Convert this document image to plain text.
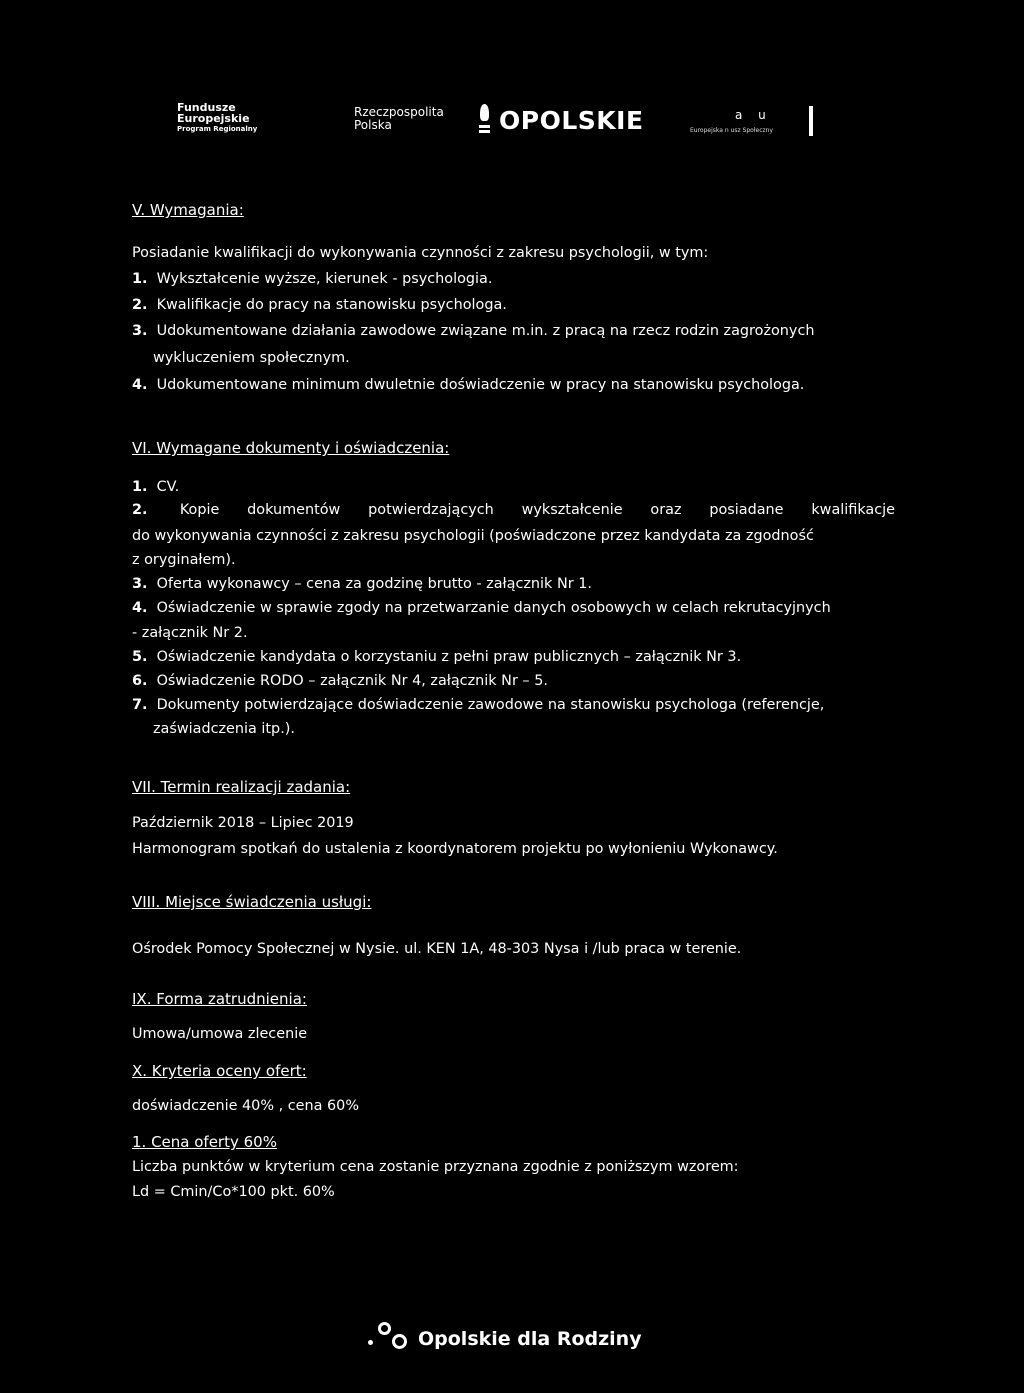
Fundusze
Europejskie
Program Regionalny
Rzeczpospolita
Polska	OPOLSKIE	a u
Europejska n usz Społeczny
V. Wymagania:
Posiadanie kwalifikacji do wykonywania czynności z zakresu psychologii, w tym:
1. Wykształcenie wyższe, kierunek - psychologia.
2. Kwalifikacje do pracy na stanowisku psychologa.
3. Udokumentowane działania zawodowe związane m.in. z pracą na rzecz rodzin zagrożonych
wykluczeniem społecznym.
4. Udokumentowane minimum dwuletnie doświadczenie w pracy na stanowisku psychologa.
VI. Wymagane dokumenty i oświadczenia:
1. CV.
2. Kopie dokumentów potwierdzających wykształcenie oraz posiadane kwalifikacje
do wykonywania czynności z zakresu psychologii (poświadczone przez kandydata za zgodność
z oryginałem).
3. Oferta wykonawcy – cena za godzinę brutto - załącznik Nr 1.
4. Oświadczenie w sprawie zgody na przetwarzanie danych osobowych w celach rekrutacyjnych
- załącznik Nr 2.
5. Oświadczenie kandydata o korzystaniu z pełni praw publicznych – załącznik Nr 3.
6. Oświadczenie RODO – załącznik Nr 4, załącznik Nr – 5.
7. Dokumenty potwierdzające doświadczenie zawodowe na stanowisku psychologa (referencje,
zaświadczenia itp.).
VII. Termin realizacji zadania:
Październik 2018 – Lipiec 2019
Harmonogram spotkań do ustalenia z koordynatorem projektu po wyłonieniu Wykonawcy.
VIII. Miejsce świadczenia usługi:
Ośrodek Pomocy Społecznej w Nysie. ul. KEN 1A, 48-303 Nysa i /lub praca w terenie.
IX. Forma zatrudnienia:
Umowa/umowa zlecenie
X. Kryteria oceny ofert:
doświadczenie 40% , cena 60%
1. Cena oferty 60%
Liczba punktów w kryterium cena zostanie przyznana zgodnie z poniższym wzorem:
Ld = Cmin/Co*100 pkt. 60%
Opolskie dla Rodziny
